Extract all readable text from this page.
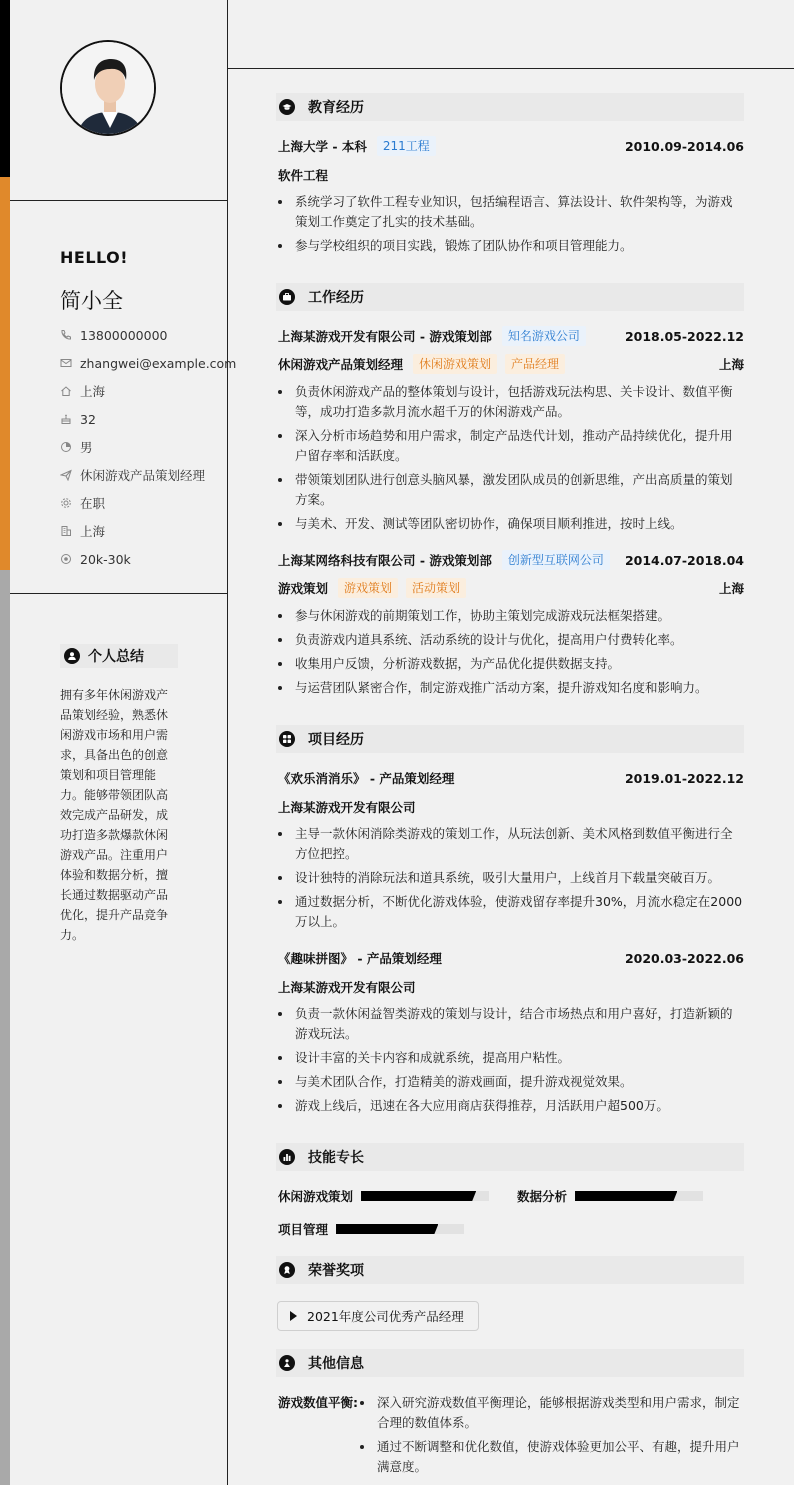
HELLO!
简小全
13800000000
zhangwei@example.com
上海
32
男
休闲游戏产品策划经理
在职
上海
20k-30k
个人总结
拥有多年休闲游戏产品策划经验，熟悉休闲游戏市场和用户需求，具备出色的创意策划和项目管理能力。能够带领团队高效完成产品研发，成功打造多款爆款休闲游戏产品。注重用户体验和数据分析，擅长通过数据驱动产品优化，提升产品竞争力。
教育经历
上海大学 - 本科	211工程	2010.09-2014.06
软件工程
系统学习了软件工程专业知识，包括编程语言、算法设计、软件架构等，为游戏策划工作奠定了扎实的技术基础。
参与学校组织的项目实践，锻炼了团队协作和项目管理能力。
工作经历
上海某游戏开发有限公司 - 游戏策划部	知名游戏公司	2018.05-2022.12
休闲游戏产品策划经理	休闲游戏策划	产品经理	上海
负责休闲游戏产品的整体策划与设计，包括游戏玩法构思、关卡设计、数值平衡等，成功打造多款月流水超千万的休闲游戏产品。
深入分析市场趋势和用户需求，制定产品迭代计划，推动产品持续优化，提升用户留存率和活跃度。
带领策划团队进行创意头脑风暴，激发团队成员的创新思维，产出高质量的策划方案。
与美术、开发、测试等团队密切协作，确保项目顺利推进，按时上线。
上海某网络科技有限公司 - 游戏策划部	创新型互联网公司	2014.07-2018.04
游戏策划	游戏策划	活动策划	上海
参与休闲游戏的前期策划工作，协助主策划完成游戏玩法框架搭建。
负责游戏内道具系统、活动系统的设计与优化，提高用户付费转化率。
收集用户反馈，分析游戏数据，为产品优化提供数据支持。
与运营团队紧密合作，制定游戏推广活动方案，提升游戏知名度和影响力。
项目经历
《欢乐消消乐》 - 产品策划经理	2019.01-2022.12
上海某游戏开发有限公司
主导一款休闲消除类游戏的策划工作，从玩法创新、美术风格到数值平衡进行全方位把控。
设计独特的消除玩法和道具系统，吸引大量用户，上线首月下载量突破百万。
通过数据分析，不断优化游戏体验，使游戏留存率提升30%，月流水稳定在2000万以上。
《趣味拼图》 - 产品策划经理	2020.03-2022.06
上海某游戏开发有限公司
负责一款休闲益智类游戏的策划与设计，结合市场热点和用户喜好，打造新颖的游戏玩法。
设计丰富的关卡内容和成就系统，提高用户粘性。
与美术团队合作，打造精美的游戏画面，提升游戏视觉效果。
游戏上线后，迅速在各大应用商店获得推荐，月活跃用户超500万。
技能专长
休闲游戏策划	数据分析
项目管理
荣誉奖项
2021年度公司优秀产品经理
其他信息
游戏数值平衡:	深入研究游戏数值平衡理论，能够根据游戏类型和用户需求，制定合理的数值体系。
通过不断调整和优化数值，使游戏体验更加公平、有趣，提升用户满意度。
